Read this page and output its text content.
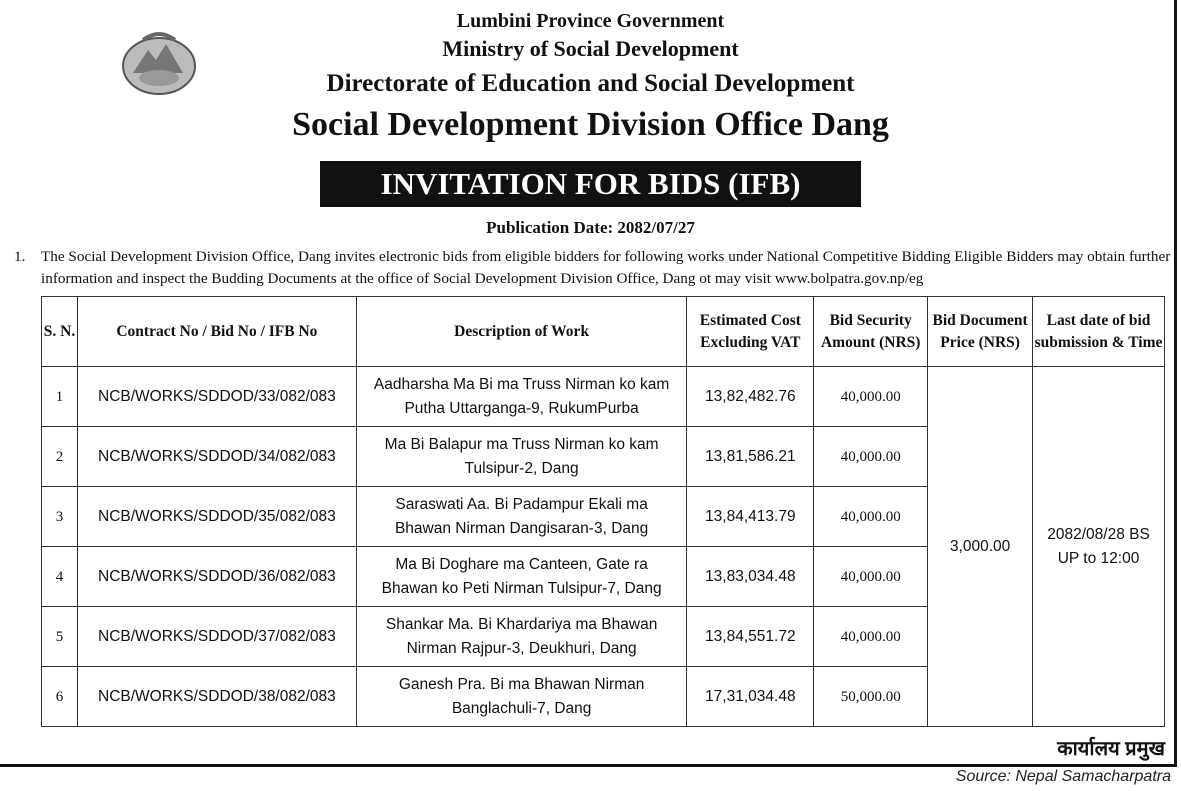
Lumbini Province Government
Ministry of Social Development
Directorate of Education and Social Development
Social Development Division Office Dang
INVITATION FOR BIDS (IFB)
Publication Date: 2082/07/27
1. The Social Development Division Office, Dang invites electronic bids from eligible bidders for following works under National Competitive Bidding Eligible Bidders may obtain further information and inspect the Budding Documents at the office of Social Development Division Office, Dang ot may visit www.bolpatra.gov.np/eg
S. N.	Contract No / Bid No / IFB No	Description of Work	Estimated Cost Excluding VAT	Bid Security Amount (NRS)	Bid Document Price (NRS)	Last date of bid submission & Time
1	NCB/WORKS/SDDOD/33/082/083	Aadharsha Ma Bi ma Truss Nirman ko kam Putha Uttarganga-9, RukumPurba	13,82,482.76	40,000.00	3,000.00	2082/08/28 BS
UP to 12:00

2	NCB/WORKS/SDDOD/34/082/083	Ma Bi Balapur ma Truss Nirman ko kam Tulsipur-2, Dang	13,81,586.21	40,000.00		
3	NCB/WORKS/SDDOD/35/082/083	Saraswati Aa. Bi Padampur Ekali ma Bhawan Nirman Dangisaran-3, Dang	13,84,413.79	40,000.00		
4	NCB/WORKS/SDDOD/36/082/083	Ma Bi Doghare ma Canteen, Gate ra Bhawan ko Peti Nirman Tulsipur-7, Dang	13,83,034.48	40,000.00		
5	NCB/WORKS/SDDOD/37/082/083	Shankar Ma. Bi Khardariya ma Bhawan Nirman Rajpur-3, Deukhuri, Dang	13,84,551.72	40,000.00		
6	NCB/WORKS/SDDOD/38/082/083	Ganesh Pra. Bi ma Bhawan Nirman Banglachuli-7, Dang	17,31,034.48	50,000.00		
कार्यालय प्रमुख
Source: Nepal Samacharpatra
